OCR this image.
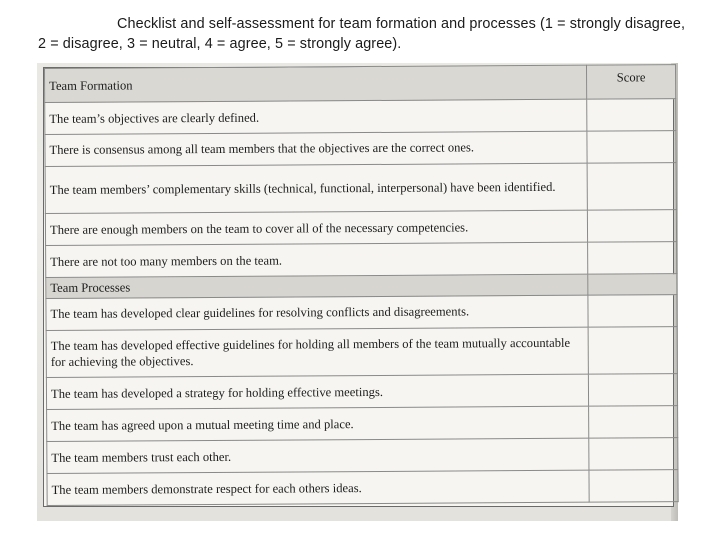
Checklist and self-assessment for team formation and processes (1 = strongly disagree,
2 = disagree, 3 = neutral, 4 = agree, 5 = strongly agree).
Team Formation	Score
The team’s objectives are clearly defined.	
There is consensus among all team members that the objectives are the correct ones.	
The team members’ complementary skills (technical, functional, interpersonal) have been identified.	
There are enough members on the team to cover all of the necessary competencies.	
There are not too many members on the team.	
Team Processes	
The team has developed clear guidelines for resolving conflicts and disagreements.	
The team has developed effective guidelines for holding all members of the team mutually accountable for achieving the objectives.	
The team has developed a strategy for holding effective meetings.	
The team has agreed upon a mutual meeting time and place.	
The team members trust each other.	
The team members demonstrate respect for each others ideas.	
